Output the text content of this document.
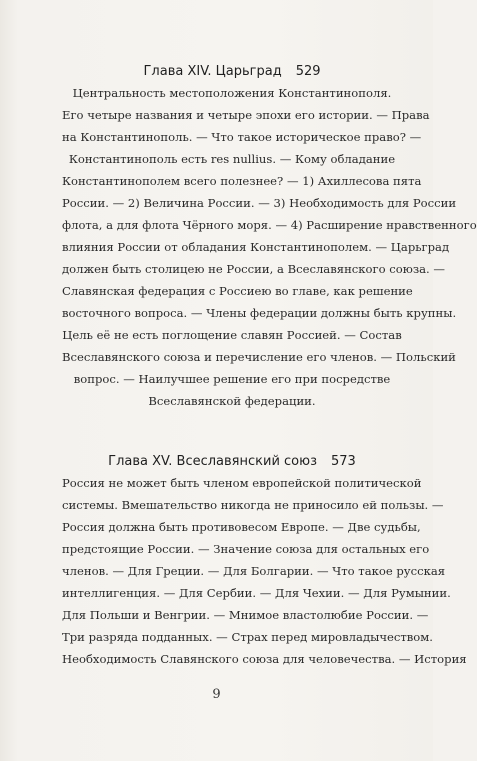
Глава XIV. Царьград 529
Центральность местоположения Константинополя.
Его четыре названия и четыре эпохи его истории. — Права
на Константинополь. — Что такое историческое право? —
Константинополь есть res nullius. — Кому обладание
Константинополем всего полезнее? — 1) Ахиллесова пята
России. — 2) Величина России. — 3) Необходимость для России
флота, а для флота Чёрного моря. — 4) Расширение нравственного
влияния России от обладания Константинополем. — Царьград
должен быть столицею не России, а Всеславянского союза. —
Славянская федерация с Россиею во главе, как решение
восточного вопроса. — Члены федерации должны быть крупны.
Цель её не есть поглощение славян Россией. — Состав
Всеславянского союза и перечисление его членов. — Польский
вопрос. — Наилучшее решение его при посредстве
Всеславянской федерации.
Глава XV. Всеславянский союз 573
Россия не может быть членом европейской политической
системы. Вмешательство никогда не приносило ей пользы. —
Россия должна быть противовесом Европе. — Две судьбы,
предстоящие России. — Значение союза для остальных его
членов. — Для Греции. — Для Болгарии. — Что такое русская
интеллигенция. — Для Сербии. — Для Чехии. — Для Румынии.
Для Польши и Венгрии. — Мнимое властолюбие России. —
Три разряда подданных. — Страх перед мировладычеством.
Необходимость Славянского союза для человечества. — История
9
